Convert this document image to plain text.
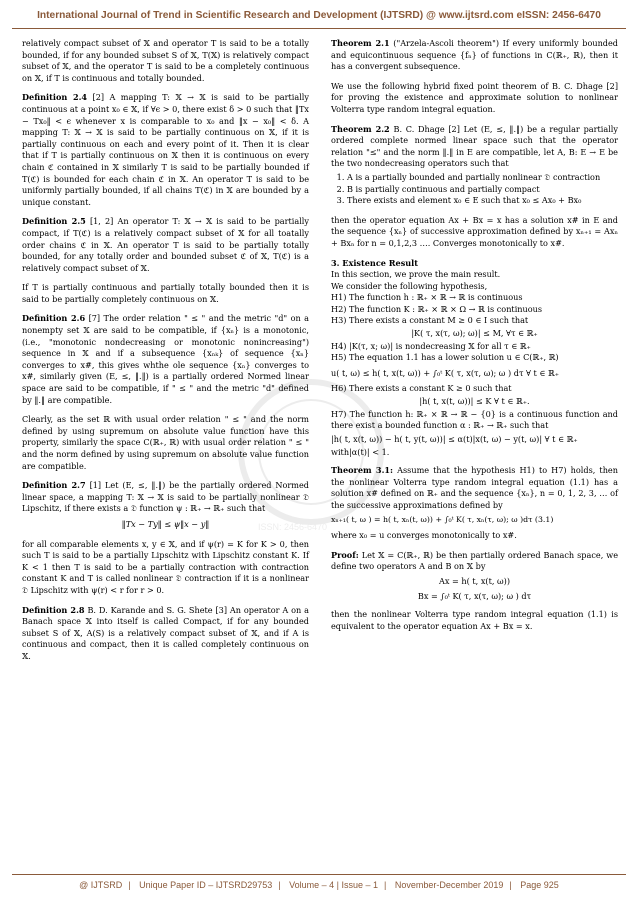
International Journal of Trend in Scientific Research and Development (IJTSRD) @ www.ijtsrd.com eISSN: 2456-6470
ISSN: 2456-6470

relatively compact subset of 𝕏 and operator T is said to be a totally bounded, if for any bounded subset S of 𝕏, T(𝕏) is relatively compact subset of 𝕏, and the operator T is said to be a completely continuous on 𝕏, if T is continuous and totally bounded.

Definition 2.4 [2] A mapping T: 𝕏 → 𝕏 is said to be partially continuous at a point x₀ ∈ 𝕏, if ∀ϵ > 0, there exist δ > 0 such that ‖Tx − Tx₀‖ < ϵ whenever x is comparable to x₀ and ‖x − x₀‖ < δ. A mapping T: 𝕏 → 𝕏 is said to be partially continuous on 𝕏, if it is partially continuous on each and every point of it. Then it is clear that if T is partially continuous on 𝕏 then it is continuous on every chain ℭ contained in 𝕏 similarly T is said to be partially bounded if T(ℭ) is bounded for each chain ℭ in 𝕏. An operator T is said to be uniformly partially bounded, if all chains T(ℭ) in 𝕏 are bounded by a unique constant.

Definition 2.5 [1, 2] An operator T: 𝕏 → 𝕏 is said to be partially compact, if T(ℭ) is a relatively compact subset of 𝕏 for all toatally order chains ℭ in 𝕏. An operator T is said to be partially totally bounded, for any totally order and bounded subset ℭ of 𝕏, T(ℭ) is a relatively compact subset of 𝕏.

If T is partially continuous and partially totally bounded then it is said to be partially completely continuous on 𝕏.

Definition 2.6 [7] The order relation " ≤ " and the metric "d" on a nonempty set 𝕏 are said to be compatible, if {xₙ} is a monotonic, (i.e., "monotonic nondecreasing or monotonic nonincreasing") sequence in 𝕏 and if a subsequence {xₙₖ} of sequence {xₙ} converges to x#, this gives whthe ole sequence {xₙ} converges to x#, similarly given (E, ≤, ‖.‖) is a partially ordered Normed linear space are said to be compatible, if " ≤ " and the metric "d" defined by ‖.‖ are compatible.

Clearly, as the set ℝ with usual order relation " ≤ " and the norm defined by using supremum on absolute value function have this property, similarly the space C(ℝ₊, ℝ) with usual order relation " ≤ " and the norm defined by using supremum on absolute value function are compatible.

Definition 2.7 [1] Let (E, ≤, ‖.‖) be the partially ordered Normed linear space, a mapping T: 𝕏 → 𝕏 is said to be partially nonlinear 𝔇 Lipschitz, if there exists a 𝔇 function ψ : ℝ₊ → ℝ₊ such that

‖Tx − Ty‖ ≤ ψ‖x − y‖

for all comparable elements x, y ∈ 𝕏, and if ψ(r) = K for K > 0, then such T is said to be a partially Lipschitz with Lipschitz constant K. If K < 1 then T is said to be a partially contraction with contraction constant K and T is called nonlinear 𝔇 contraction if it is a nonlinear 𝔇 Lipschitz with ψ(r) < r for r > 0.

Definition 2.8 B. D. Karande and S. G. Shete [3] An operator A on a Banach space 𝕏 into itself is called Compact, if for any bounded subset S of 𝕏, A(S) is a relatively compact subset of 𝕏, and if A is continuous and compact, then it is called completely continuous on 𝕏.

Theorem 2.1 ("Arzela-Ascoli theorem") If every uniformly bounded and equicontinuous sequence {fₙ} of functions in C(ℝ₊, ℝ), then it has a convergent subsequence.

We use the following hybrid fixed point theorem of B. C. Dhage [2] for proving the existence and approximate solution to nonlinear Volterra type random integral equation.

Theorem 2.2 B. C. Dhage [2] Let (E, ≤, ‖.‖) be a regular partially ordered complete normed linear space such that the operator relation "≤" and the norm ‖.‖ in E are compatible, let A, B: E → E be the two nondecreasing operators such that

1. A is a partially bounded and partially nonlinear 𝔇 contraction
2. B is partially continuous and partially compact
3. There exists and element x₀ ∈ E such that x₀ ≤ Ax₀ + Bx₀

then the operator equation Ax + Bx = x has a solution x# in E and the sequence {xₙ} of successive approximation defined by xₙ₊₁ = Axₙ + Bxₙ for n = 0,1,2,3 …. Converges monotonically to x#.

3. Existence Result
In this section, we prove the main result.
We consider the following hypothesis,
H1) The function h : ℝ₊ × ℝ → ℝ is continuous
H2) The function K : ℝ₊ × ℝ × Ω → ℝ is continuous
H3) There exists a constant M ≥ 0 ∈ I such that
|K( τ, x(τ, ω); ω)| ≤ M, ∀τ ∈ ℝ₊
H4) |K(τ, x; ω)| is nondecreasing 𝕏 for all τ ∈ ℝ₊
H5) The equation 1.1 has a lower solution u ∈ C(ℝ₊, ℝ)
u( t, ω) ≤ h( t, x(t, ω)) + ∫₀ᵗ K( τ, x(τ, ω); ω ) dτ ∀ t ∈ ℝ₊
H6) There exists a constant K ≥ 0 such that
|h( t, x(t, ω))| ≤ K ∀ t ∈ ℝ₊.
H7) The function h: ℝ₊ × ℝ → ℝ − {0} is a continuous function and there exist a bounded function α : ℝ₊ → ℝ₊ such that
|h( t, x(t, ω)) − h( t, y(t, ω))| ≤ α(t)|x(t, ω) − y(t, ω)| ∀ t ∈ ℝ₊
with|α(t)| < 1.

Theorem 3.1: Assume that the hypothesis H1) to H7) holds, then the nonlinear Volterra type random integral equation (1.1) has a solution x# defined on ℝ₊ and the sequence {xₙ}, n = 0, 1, 2, 3, … of the successive approximations defined by

xₙ₊₁( t, ω ) = h( t, xₙ(t, ω)) + ∫₀ᵗ K( τ, xₙ(τ, ω); ω )dτ (3.1)

where x₀ = u converges monotonically to x#.

Proof: Let 𝕏 = C(ℝ₊, ℝ) be then partially ordered Banach space, we define two operators A and B on 𝕏 by

Ax = h( t, x(t, ω))
Bx = ∫₀ᵗ K( τ, x(τ, ω); ω ) dτ

then the nonlinear Volterra type random integral equation (1.1) is equivalent to the operator equation Ax + Bx = x.

@ IJTSRD | Unique Paper ID – IJTSRD29753 | Volume – 4 | Issue – 1 | November-December 2019 | Page 925
